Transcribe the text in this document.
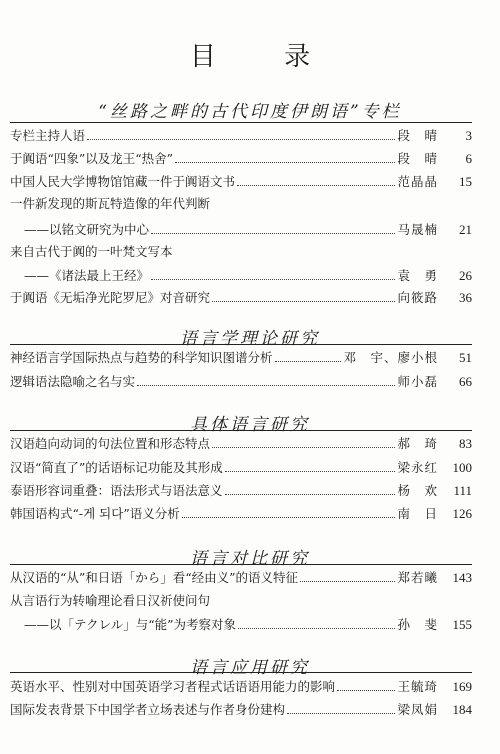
目 录
“丝路之畔的古代印度伊朗语”专栏
专栏主持人语	段　晴	3
于阗语“四象”以及龙王“热舍”	段　晴	6
中国人民大学博物馆馆藏一件于阗语文书	范晶晶	15
一件新发现的斯瓦特造像的年代判断
——以铭文研究为中心	马晟楠	21
来自古代于阗的一叶梵文写本
——《诸法最上王经》	袁　勇	26
于阗语《无垢净光陀罗尼》对音研究	向筱路	36
语言学理论研究
神经语言学国际热点与趋势的科学知识图谱分析	邓　宇、廖小根	51
逻辑语法隐喻之名与实	师小磊	66
具体语言研究
汉语趋向动词的句法位置和形态特点	郝　琦	83
汉语“简直了”的话语标记功能及其形成	梁永红	100
泰语形容词重叠：语法形式与语法意义	杨　欢	111
韩国语构式“-게 되다”语义分析	南　日	126
语言对比研究
从汉语的“从”和日语「から」看“经由义”的语义特征	郑若曦	143
从言语行为转喻理论看日汉祈使问句
——以「テクレル」与“能”为考察对象	孙　斐	155
语言应用研究
英语水平、性别对中国英语学习者程式话语语用能力的影响	王毓琦	169
国际发表背景下中国学者立场表述与作者身份建构	梁凤娟	184
